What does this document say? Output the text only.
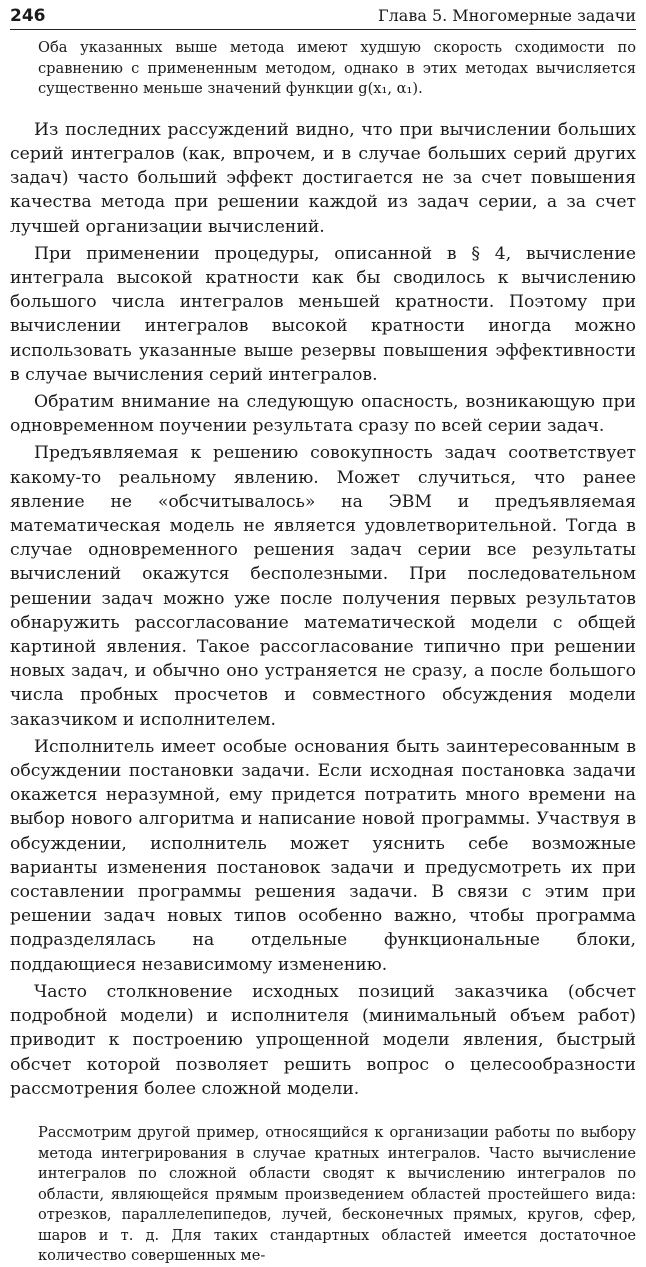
246	Глава 5. Многомерные задачи

Оба указанных выше метода имеют худшую скорость сходимости по сравнению с примененным методом, однако в этих методах вычисляется существенно меньше значений функции g(x₁, α₁).

Из последних рассуждений видно, что при вычислении больших серий интегралов (как, впрочем, и в случае больших серий других задач) часто больший эффект достигается не за счет повышения качества метода при решении каждой из задач серии, а за счет лучшей организации вычислений.

При применении процедуры, описанной в § 4, вычисление интеграла высокой кратности как бы сводилось к вычислению большого числа интегралов меньшей кратности. Поэтому при вычислении интегралов высокой кратности иногда можно использовать указанные выше резервы повышения эффективности в случае вычисления серий интегралов.

Обратим внимание на следующую опасность, возникающую при одновременном поучении результата сразу по всей серии задач.

Предъявляемая к решению совокупность задач соответствует какому-то реальному явлению. Может случиться, что ранее явление не «обсчитывалось» на ЭВМ и предъявляемая математическая модель не является удовлетворительной. Тогда в случае одновременного решения задач серии все результаты вычислений окажутся бесполезными. При последовательном решении задач можно уже после получения первых результатов обнаружить рассогласование математической модели с общей картиной явления. Такое рассогласование типично при решении новых задач, и обычно оно устраняется не сразу, а после большого числа пробных просчетов и совместного обсуждения модели заказчиком и исполнителем.

Исполнитель имеет особые основания быть заинтересованным в обсуждении постановки задачи. Если исходная постановка задачи окажется неразумной, ему придется потратить много времени на выбор нового алгоритма и написание новой программы. Участвуя в обсуждении, исполнитель может уяснить себе возможные варианты изменения постановок задачи и предусмотреть их при составлении программы решения задачи. В связи с этим при решении задач новых типов особенно важно, чтобы программа подразделялась на отдельные функциональные блоки, поддающиеся независимому изменению.

Часто столкновение исходных позиций заказчика (обсчет подробной модели) и исполнителя (минимальный объем работ) приводит к построению упрощенной модели явления, быстрый обсчет которой позволяет решить вопрос о целесообразности рассмотрения более сложной модели.

Рассмотрим другой пример, относящийся к организации работы по выбору метода интегрирования в случае кратных интегралов. Часто вычисление интегралов по сложной области сводят к вычислению интегралов по области, являющейся прямым произведением областей простейшего вида: отрезков, параллелепипедов, лучей, бесконечных прямых, кругов, сфер, шаров и т. д. Для таких стандартных областей имеется достаточное количество совершенных ме-
